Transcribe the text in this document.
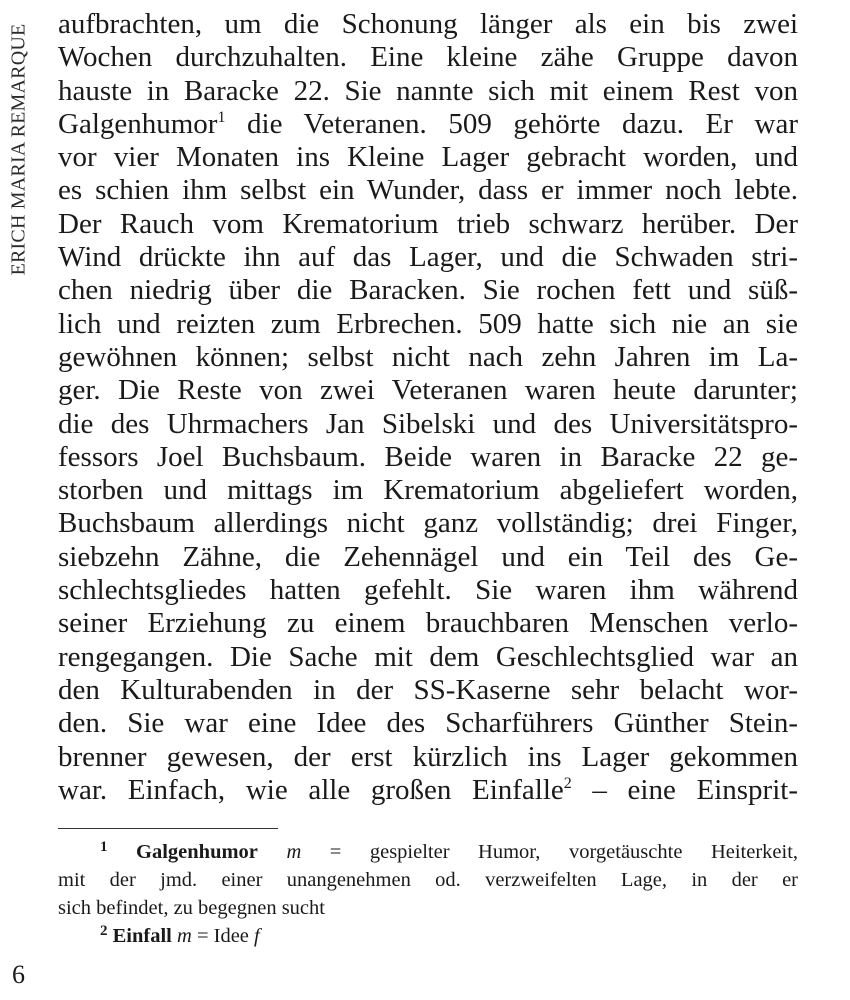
ERICH MARIA REMARQUE aufbrachten, um die Schonung länger als ein bis zwei
Wochen durchzuhalten. Eine kleine zähe Gruppe davon
hauste in Baracke 22. Sie nannte sich mit einem Rest von
Galgenhumor$^1$ die Veteranen. 509 gehörte dazu. Er war
vor vier Monaten ins Kleine Lager gebracht worden, und
es schien ihm selbst ein Wunder, dass er immer noch lebte.
Der Rauch vom Krematorium trieb schwarz herüber. Der
Wind drückte ihn auf das Lager, und die Schwaden stri-
chen niedrig über die Baracken. Sie rochen fett und süß-
lich und reizten zum Erbrechen. 509 hatte sich nie an sie
gewöhnen können; selbst nicht nach zehn Jahren im La-
ger. Die Reste von zwei Veteranen waren heute darunter;
die des Uhrmachers Jan Sibelski und des Universitätspro-
fessors Joel Buchsbaum. Beide waren in Baracke 22 ge-
storben und mittags im Krematorium abgeliefert worden,
Buchsbaum allerdings nicht ganz vollständig; drei Finger,
siebzehn Zähne, die Zehennägel und ein Teil des Ge-
schlechtsgliedes hatten gefehlt. Sie waren ihm während
seiner Erziehung zu einem brauchbaren Menschen verlo-
rengegangen. Die Sache mit dem Geschlechtsglied war an
den Kulturabenden in der SS-Kaserne sehr belacht wor-
den. Sie war eine Idee des Scharführers Günther Stein-
brenner gewesen, der erst kürzlich ins Lager gekommen
war. Einfach, wie alle großen Einfalle$^2$ – eine Einsprit-
$^1$ Galgenhumor m = gespielter Humor, vorgetäuschte Heiterkeit,
mit der jmd. einer unangenehmen od. verzweifelten Lage, in der er
sich befindet, zu begegnen sucht
$^2$ Einfall m = Idee f
6
